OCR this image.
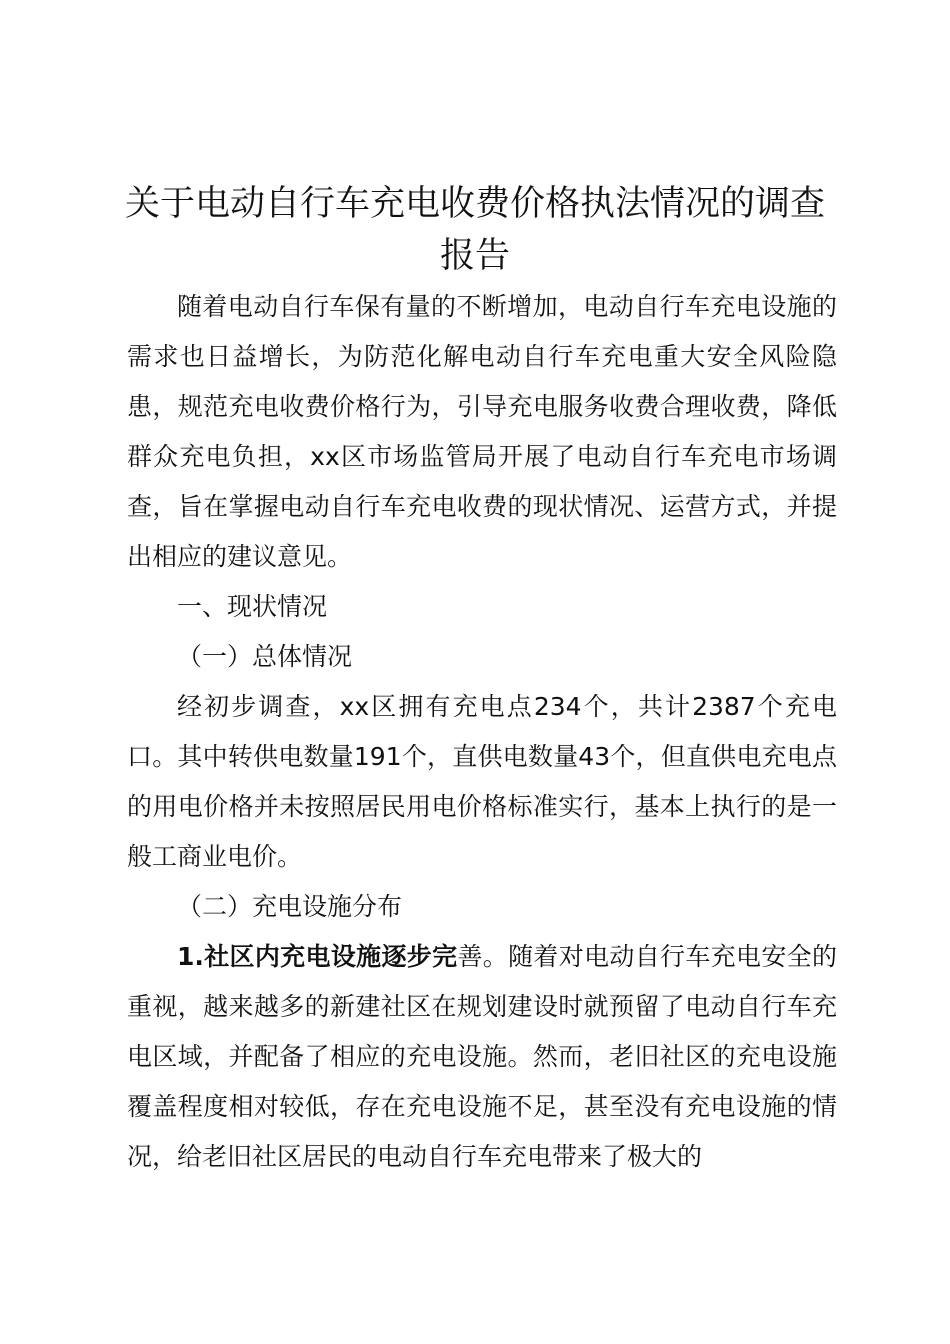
关于电动自行车充电收费价格执法情况的调查报告

随着电动自行车保有量的不断增加，电动自行车充电设施的需求也日益增长，为防范化解电动自行车充电重大安全风险隐患，规范充电收费价格行为，引导充电服务收费合理收费，降低群众充电负担，xx区市场监管局开展了电动自行车充电市场调查，旨在掌握电动自行车充电收费的现状情况、运营方式，并提出相应的建议意见。

一、现状情况

（一）总体情况

经初步调查，xx区拥有充电点234个，共计2387个充电口。其中转供电数量191个，直供电数量43个，但直供电充电点的用电价格并未按照居民用电价格标准实行，基本上执行的是一般工商业电价。

（二）充电设施分布

1.社区内充电设施逐步完善。随着对电动自行车充电安全的重视，越来越多的新建社区在规划建设时就预留了电动自行车充电区域，并配备了相应的充电设施。然而，老旧社区的充电设施覆盖程度相对较低，存在充电设施不足，甚至没有充电设施的情况，给老旧社区居民的电动自行车充电带来了极大的
